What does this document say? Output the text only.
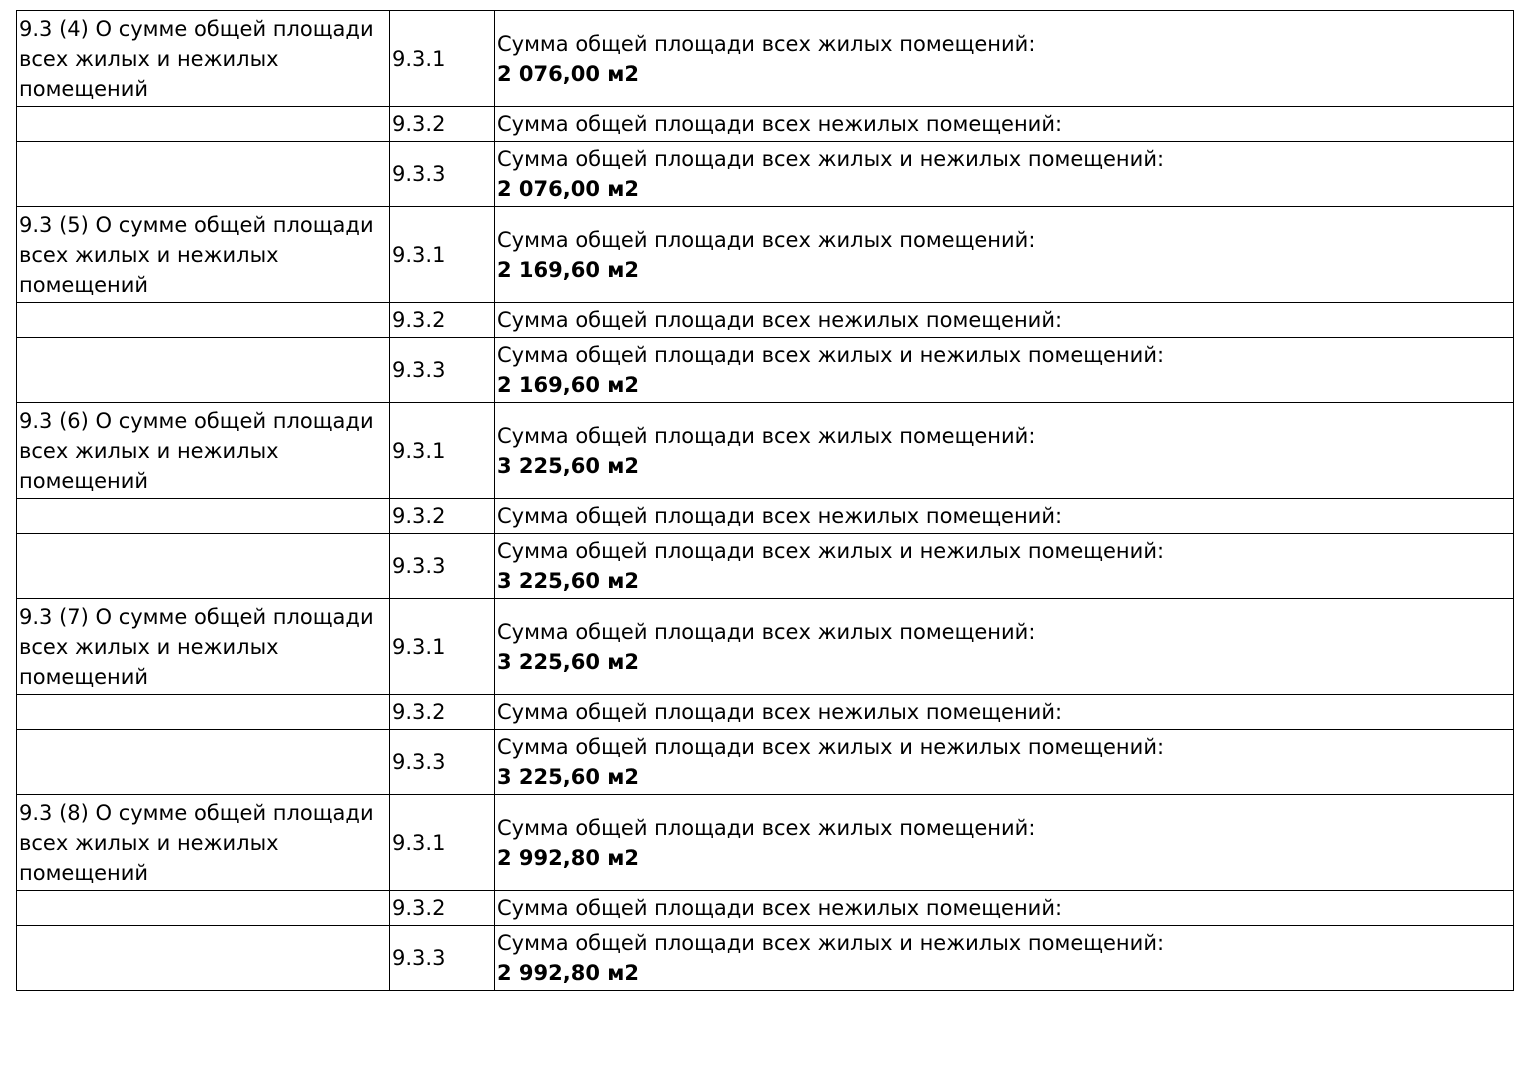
9.3 (4) О сумме общей площади
всех жилых и нежилых
помещений	9.3.1	Сумма общей площади всех жилых помещений:
2 076,00 м2

	9.3.2	Сумма общей площади всех нежилых помещений:

	9.3.3	Сумма общей площади всех жилых и нежилых помещений:
2 076,00 м2

9.3 (5) О сумме общей площади
всех жилых и нежилых
помещений	9.3.1	Сумма общей площади всех жилых помещений:
2 169,60 м2

	9.3.2	Сумма общей площади всех нежилых помещений:

	9.3.3	Сумма общей площади всех жилых и нежилых помещений:
2 169,60 м2

9.3 (6) О сумме общей площади
всех жилых и нежилых
помещений	9.3.1	Сумма общей площади всех жилых помещений:
3 225,60 м2

	9.3.2	Сумма общей площади всех нежилых помещений:

	9.3.3	Сумма общей площади всех жилых и нежилых помещений:
3 225,60 м2

9.3 (7) О сумме общей площади
всех жилых и нежилых
помещений	9.3.1	Сумма общей площади всех жилых помещений:
3 225,60 м2

	9.3.2	Сумма общей площади всех нежилых помещений:

	9.3.3	Сумма общей площади всех жилых и нежилых помещений:
3 225,60 м2

9.3 (8) О сумме общей площади
всех жилых и нежилых
помещений	9.3.1	Сумма общей площади всех жилых помещений:
2 992,80 м2

	9.3.2	Сумма общей площади всех нежилых помещений:

	9.3.3	Сумма общей площади всех жилых и нежилых помещений:
2 992,80 м2
